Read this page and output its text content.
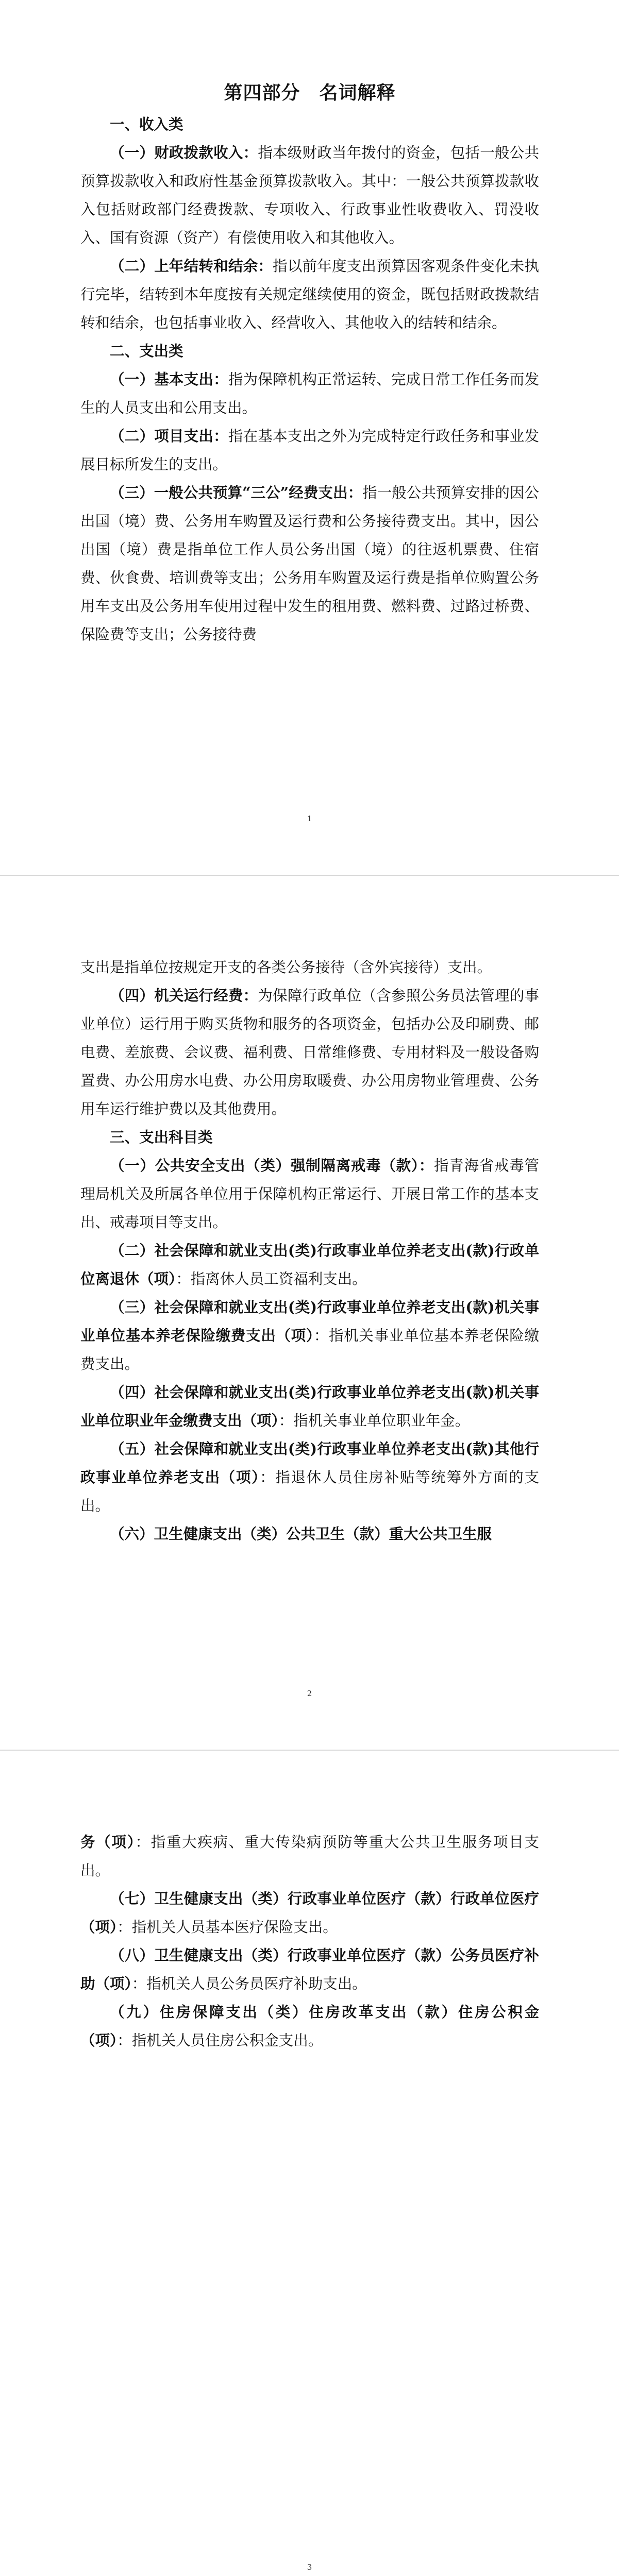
第四部分　名词解释

一、收入类

（一）财政拨款收入：指本级财政当年拨付的资金，包括一般公共预算拨款收入和政府性基金预算拨款收入。其中：一般公共预算拨款收入包括财政部门经费拨款、专项收入、行政事业性收费收入、罚没收入、国有资源（资产）有偿使用收入和其他收入。

（二）上年结转和结余：指以前年度支出预算因客观条件变化未执行完毕，结转到本年度按有关规定继续使用的资金，既包括财政拨款结转和结余，也包括事业收入、经营收入、其他收入的结转和结余。

二、支出类

（一）基本支出：指为保障机构正常运转、完成日常工作任务而发生的人员支出和公用支出。

（二）项目支出：指在基本支出之外为完成特定行政任务和事业发展目标所发生的支出。

（三）一般公共预算“三公”经费支出：指一般公共预算安排的因公出国（境）费、公务用车购置及运行费和公务接待费支出。其中，因公出国（境）费是指单位工作人员公务出国（境）的往返机票费、住宿费、伙食费、培训费等支出；公务用车购置及运行费是指单位购置公务用车支出及公务用车使用过程中发生的租用费、燃料费、过路过桥费、保险费等支出；公务接待费

1

支出是指单位按规定开支的各类公务接待（含外宾接待）支出。

（四）机关运行经费：为保障行政单位（含参照公务员法管理的事业单位）运行用于购买货物和服务的各项资金，包括办公及印刷费、邮电费、差旅费、会议费、福利费、日常维修费、专用材料及一般设备购置费、办公用房水电费、办公用房取暖费、办公用房物业管理费、公务用车运行维护费以及其他费用。

三、支出科目类

（一）公共安全支出（类）强制隔离戒毒（款）：指青海省戒毒管理局机关及所属各单位用于保障机构正常运行、开展日常工作的基本支出、戒毒项目等支出。

（二）社会保障和就业支出(类)行政事业单位养老支出(款)行政单位离退休（项）：指离休人员工资福利支出。

（三）社会保障和就业支出(类)行政事业单位养老支出(款)机关事业单位基本养老保险缴费支出（项）：指机关事业单位基本养老保险缴费支出。

（四）社会保障和就业支出(类)行政事业单位养老支出(款)机关事业单位职业年金缴费支出（项）：指机关事业单位职业年金。

（五）社会保障和就业支出(类)行政事业单位养老支出(款)其他行政事业单位养老支出（项）：指退休人员住房补贴等统筹外方面的支出。

（六）卫生健康支出（类）公共卫生（款）重大公共卫生服

2

务（项）：指重大疾病、重大传染病预防等重大公共卫生服务项目支出。

（七）卫生健康支出（类）行政事业单位医疗（款）行政单位医疗（项）：指机关人员基本医疗保险支出。

（八）卫生健康支出（类）行政事业单位医疗（款）公务员医疗补助（项）：指机关人员公务员医疗补助支出。

（九）住房保障支出（类）住房改革支出（款）住房公积金（项）：指机关人员住房公积金支出。

3
